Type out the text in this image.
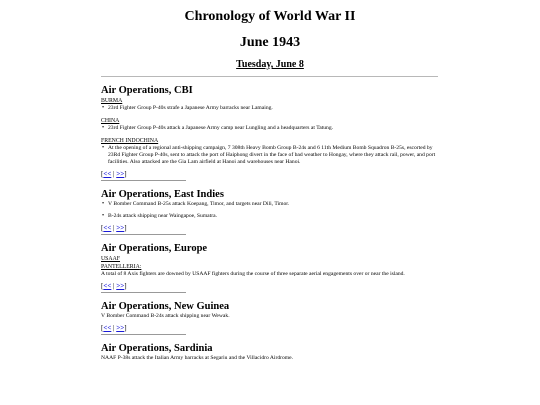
Chronology of World War II
June 1943
Tuesday, June 8
Air Operations, CBI
BURMA
• 23rd Fighter Group P-40s strafe a Japanese Army barracks near Lamaing.
CHINA
• 23rd Fighter Group P-40s attack a Japanese Army camp near Lungling and a headquarters at Tatung.
FRENCH INDOCHINA
• At the opening of a regional anti-shipping campaign, 7 308th Heavy Bomb Group B-24s and 6 11th Medium Bomb Squadron B-25s, escorted by 23Rd Fighter Group P-40s, sent to attack the port of Haiphong divert in the face of bad weather to Hongay, where they attack rail, power, and port facilities. Also attacked are the Gia Lam airfield at Hanoi and warehouses near Hanoi.
[<< | >>]
Air Operations, East Indies
• V Bomber Command B-25s attack Koepang, Timor, and targets near Dili, Timor.
• B-24s attack shipping near Waingapoe, Sumatra.
[<< | >>]
Air Operations, Europe
USAAF
PANTELLERIA:
A total of 8 Axis fighters are downed by USAAF fighters during the course of three separate aerial engagements over or near the island.
[<< | >>]
Air Operations, New Guinea
V Bomber Command B-24s attack shipping near Wewak.
[<< | >>]
Air Operations, Sardinia
NAAF P-38s attack the Italian Army barracks at Segariu and the Villacidro Airdrome.
